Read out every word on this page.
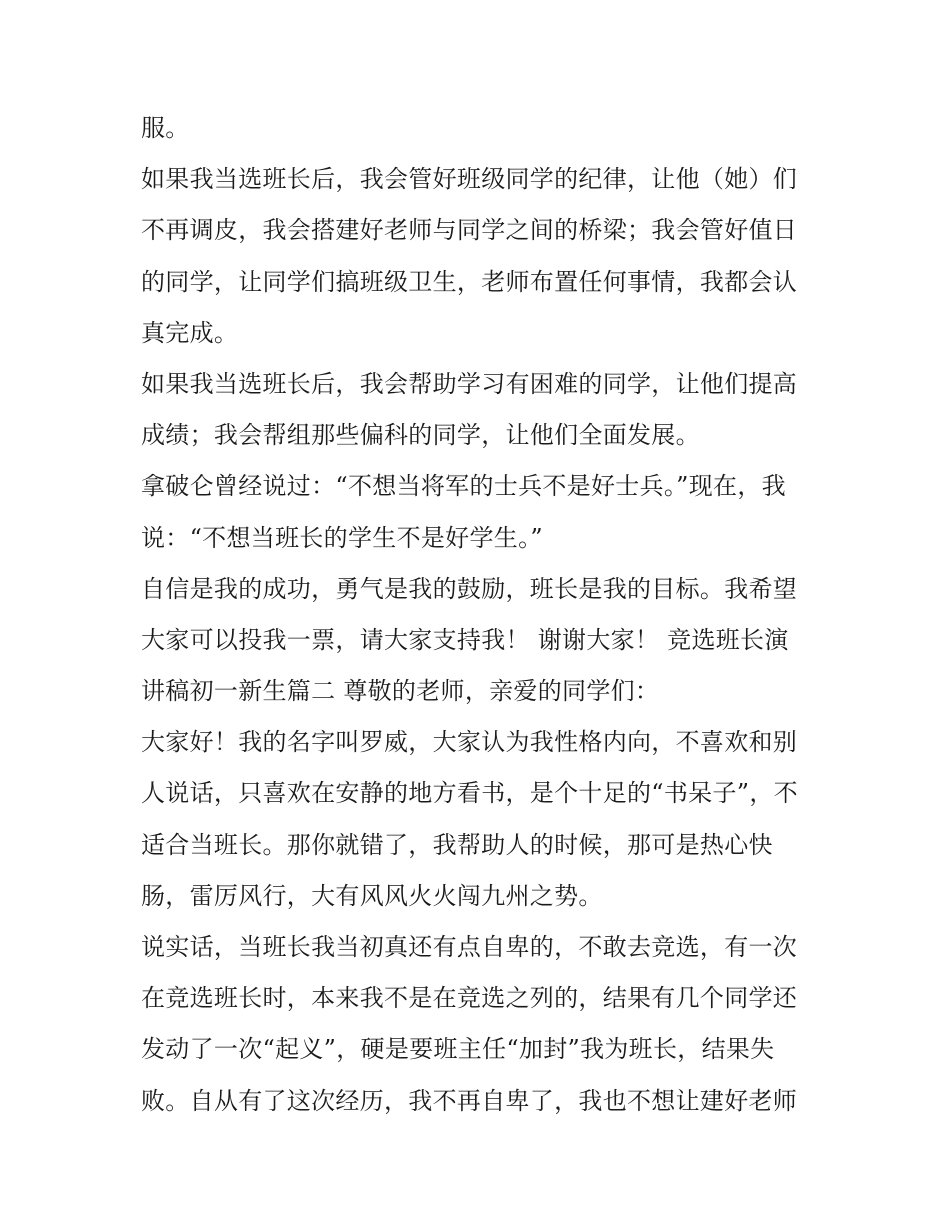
服。
如果我当选班长后，我会管好班级同学的纪律，让他（她）们
不再调皮，我会搭建好老师与同学之间的桥梁；我会管好值日
的同学，让同学们搞班级卫生，老师布置任何事情，我都会认
真完成。
如果我当选班长后，我会帮助学习有困难的同学，让他们提高
成绩；我会帮组那些偏科的同学，让他们全面发展。
拿破仑曾经说过：“不想当将军的士兵不是好士兵。”现在，我
说：“不想当班长的学生不是好学生。”
自信是我的成功，勇气是我的鼓励，班长是我的目标。我希望
大家可以投我一票，请大家支持我！ 谢谢大家！ 竞选班长演
讲稿初一新生篇二 尊敬的老师，亲爱的同学们：
大家好！我的名字叫罗威，大家认为我性格内向，不喜欢和别
人说话，只喜欢在安静的地方看书，是个十足的“书呆子”，不
适合当班长。那你就错了，我帮助人的时候，那可是热心快
肠，雷厉风行，大有风风火火闯九州之势。
说实话，当班长我当初真还有点自卑的，不敢去竞选，有一次
在竞选班长时，本来我不是在竞选之列的，结果有几个同学还
发动了一次“起义”，硬是要班主任“加封”我为班长，结果失
败。自从有了这次经历，我不再自卑了，我也不想让建好老师
